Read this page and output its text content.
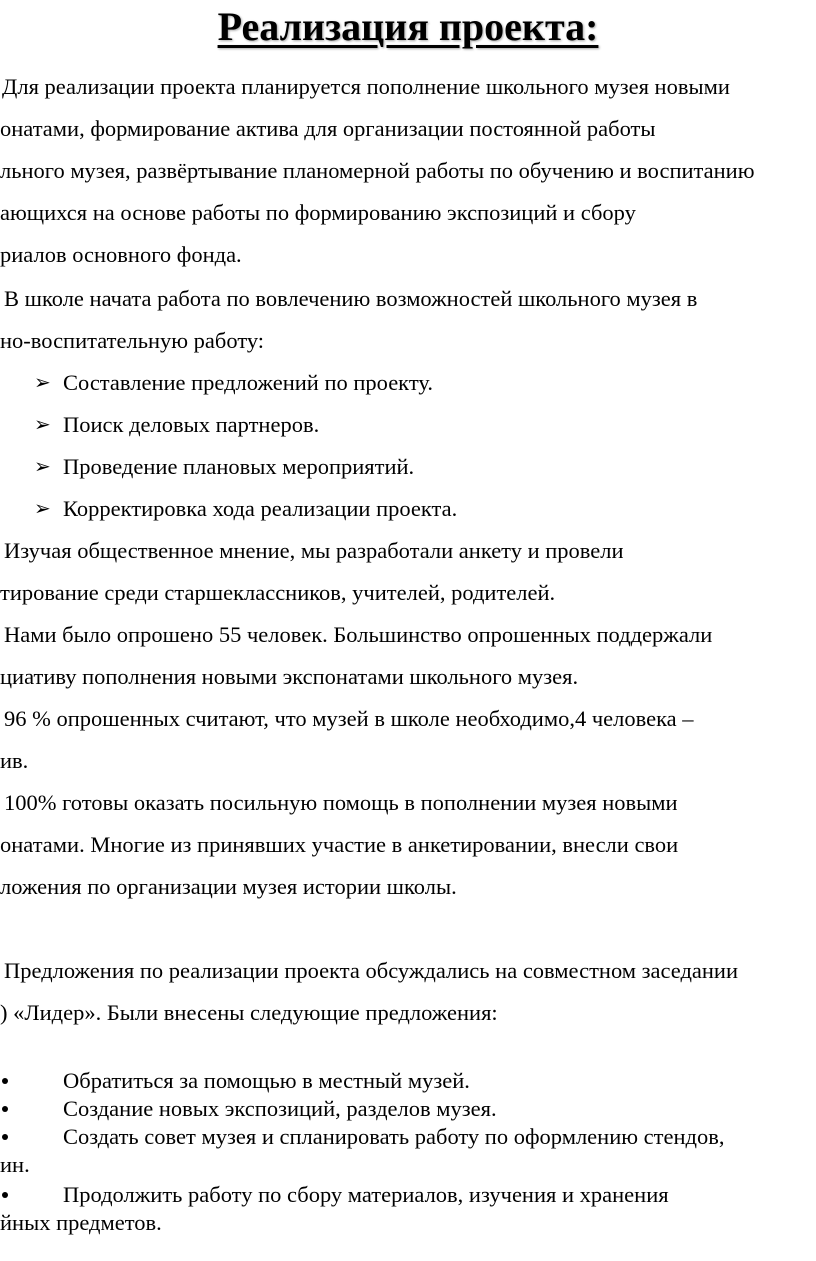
Реализация проекта:
Для реализации проекта планируется пополнение школьного музея новыми
онатами, формирование актива для организации постоянной работы
льного музея, развёртывание планомерной работы по обучению и воспитанию
ающихся на основе работы по формированию экспозиций и сбору
риалов основного фонда.
В школе начата работа по вовлечению возможностей школьного музея в
но-воспитательную работу:
➢ Составление предложений по проекту.
➢ Поиск деловых партнеров.
➢ Проведение плановых мероприятий.
➢ Корректировка хода реализации проекта.
Изучая общественное мнение, мы разработали анкету и провели
тирование среди старшеклассников, учителей, родителей.
Нами было опрошено 55 человек. Большинство опрошенных поддержали
циативу пополнения новыми экспонатами школьного музея.
96 % опрошенных считают, что музей в школе необходимо,4 человека –
ив.
100% готовы оказать посильную помощь в пополнении музея новыми
онатами. Многие из принявших участие в анкетировании, внесли свои
ложения по организации музея истории школы.
Предложения по реализации проекта обсуждались на совместном заседании
) «Лидер». Были внесены следующие предложения:
Обратиться за помощью в местный музей.
Создание новых экспозиций, разделов музея.
Создать совет музея и спланировать работу по оформлению стендов,
ин.
Продолжить работу по сбору материалов, изучения и хранения
йных предметов.
